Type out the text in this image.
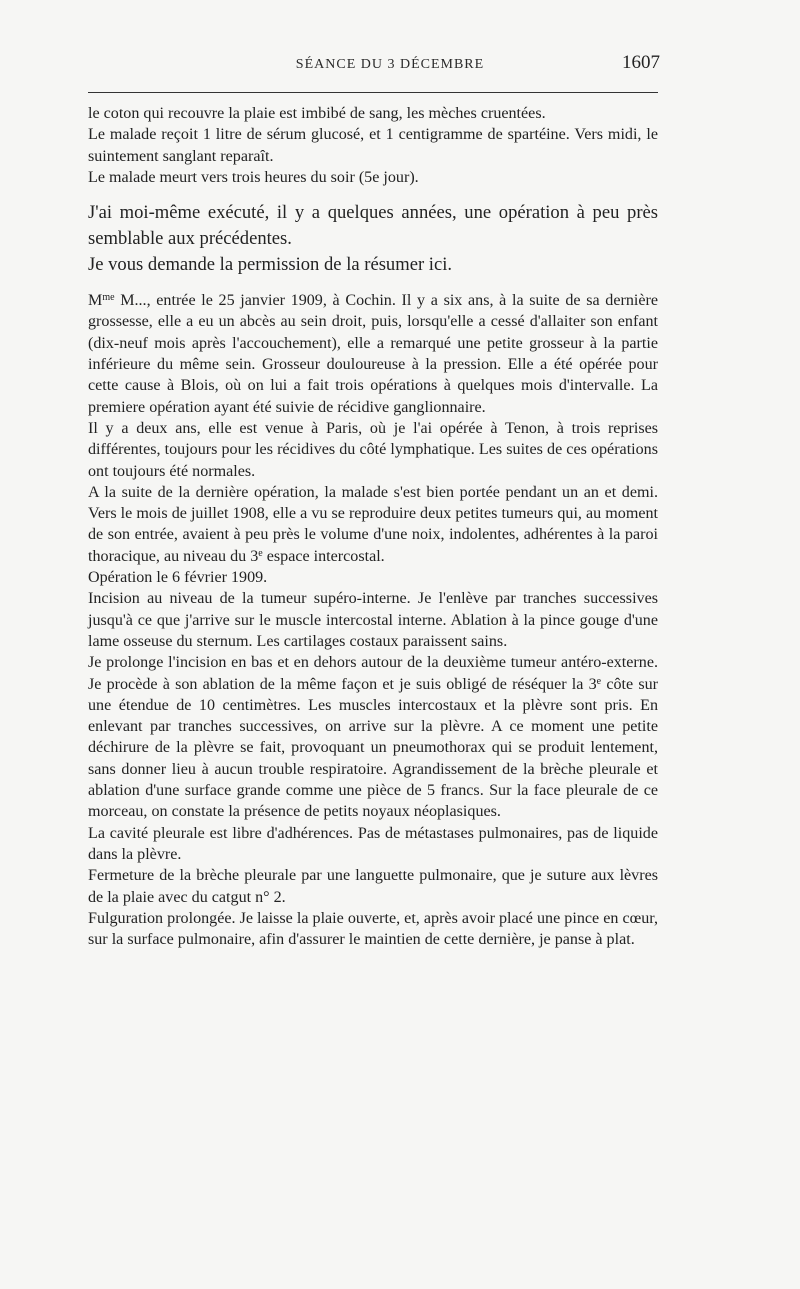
SÉANCE DU 3 DÉCEMBRE	1607

le coton qui recouvre la plaie est imbibé de sang, les mèches cruentées.

Le malade reçoit 1 litre de sérum glucosé, et 1 centigramme de spartéine. Vers midi, le suintement sanglant reparaît.

Le malade meurt vers trois heures du soir (5e jour).

J'ai moi-même exécuté, il y a quelques années, une opération à peu près semblable aux précédentes.

Je vous demande la permission de la résumer ici.

$M^{me}$ M..., entrée le 25 janvier 1909, à Cochin. Il y a six ans, à la suite de sa dernière grossesse, elle a eu un abcès au sein droit, puis, lorsqu'elle a cessé d'allaiter son enfant (dix-neuf mois après l'accouchement), elle a remarqué une petite grosseur à la partie inférieure du même sein. Grosseur douloureuse à la pression. Elle a été opérée pour cette cause à Blois, où on lui a fait trois opérations à quelques mois d'intervalle. La premiere opération ayant été suivie de récidive ganglionnaire.

Il y a deux ans, elle est venue à Paris, où je l'ai opérée à Tenon, à trois reprises différentes, toujours pour les récidives du côté lymphatique. Les suites de ces opérations ont toujours été normales.

A la suite de la dernière opération, la malade s'est bien portée pendant un an et demi. Vers le mois de juillet 1908, elle a vu se reproduire deux petites tumeurs qui, au moment de son entrée, avaient à peu près le volume d'une noix, indolentes, adhérentes à la paroi thoracique, au niveau du 3e espace intercostal.

Opération le 6 février 1909.

Incision au niveau de la tumeur supéro-interne. Je l'enlève par tranches successives jusqu'à ce que j'arrive sur le muscle intercostal interne. Ablation à la pince gouge d'une lame osseuse du sternum. Les cartilages costaux paraissent sains.

Je prolonge l'incision en bas et en dehors autour de la deuxième tumeur antéro-externe. Je procède à son ablation de la même façon et je suis obligé de réséquer la 3e côte sur une étendue de 10 centimètres. Les muscles intercostaux et la plèvre sont pris. En enlevant par tranches successives, on arrive sur la plèvre. A ce moment une petite déchirure de la plèvre se fait, provoquant un pneumothorax qui se produit lentement, sans donner lieu à aucun trouble respiratoire. Agrandissement de la brèche pleurale et ablation d'une surface grande comme une pièce de 5 francs. Sur la face pleurale de ce morceau, on constate la présence de petits noyaux néoplasiques.

La cavité pleurale est libre d'adhérences. Pas de métastases pulmonaires, pas de liquide dans la plèvre.

Fermeture de la brèche pleurale par une languette pulmonaire, que je suture aux lèvres de la plaie avec du catgut n° 2.

Fulguration prolongée. Je laisse la plaie ouverte, et, après avoir placé une pince en cœur, sur la surface pulmonaire, afin d'assurer le maintien de cette dernière, je panse à plat.
